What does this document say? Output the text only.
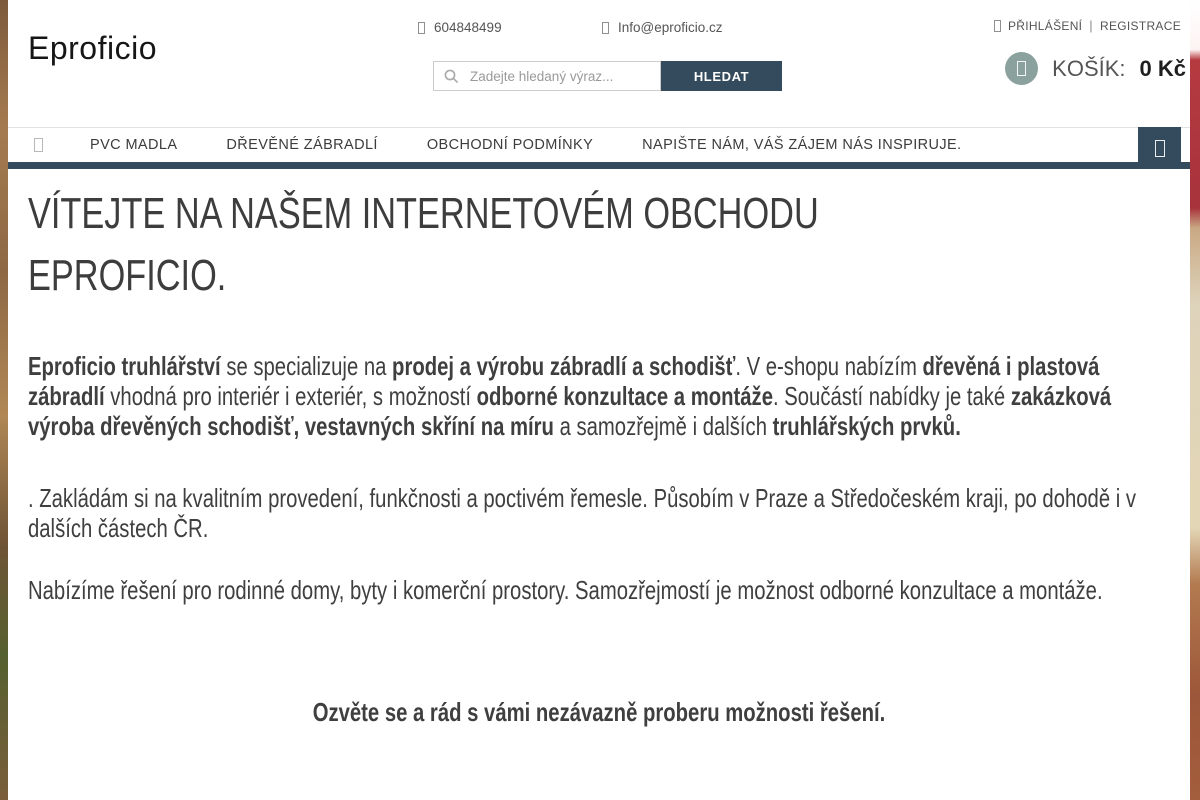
Eproficio
604848499	Info@eproficio.cz	PŘIHLÁŠENÍ | REGISTRACE
Zadejte hledaný výraz...
HLEDAT	KOŠÍK: 0 Kč
PVC MADLA	DŘEVĚNÉ ZÁBRADLÍ	OBCHODNÍ PODMÍNKY	NAPIŠTE NÁM, VÁŠ ZÁJEM NÁS INSPIRUJE.
VÍTEJTE NA NAŠEM INTERNETOVÉM OBCHODU
EPROFICIO.

Eproficio truhlářství se specializuje na prodej a výrobu zábradlí a schodišť. V e-shopu nabízím dřevěná i plastová zábradlí vhodná pro interiér i exteriér, s možností odborné konzultace a montáže. Součástí nabídky je také zakázková výroba dřevěných schodišť, vestavných skříní na míru a samozřejmě i dalších truhlářských prvků.

. Zakládám si na kvalitním provedení, funkčnosti a poctivém řemesle. Působím v Praze a Středočeském kraji, po dohodě i v dalších částech ČR.

Nabízíme řešení pro rodinné domy, byty i komerční prostory. Samozřejmostí je možnost odborné konzultace a montáže.

Ozvěte se a rád s vámi nezávazně proberu možnosti řešení.
